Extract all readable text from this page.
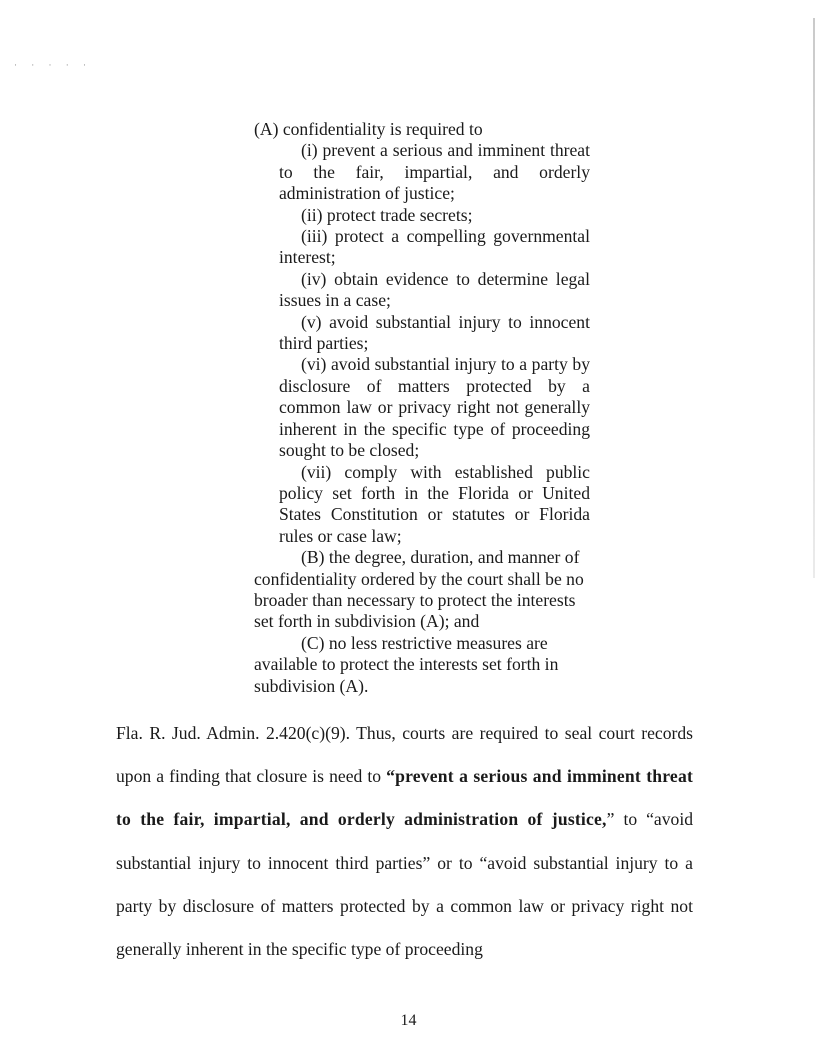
· · · · ·

(A) confidentiality is required to

(i) prevent a serious and imminent threat to the fair, impartial, and orderly administration of justice;

(ii) protect trade secrets;

(iii) protect a compelling governmental interest;

(iv) obtain evidence to determine legal issues in a case;

(v) avoid substantial injury to innocent third parties;

(vi) avoid substantial injury to a party by disclosure of matters protected by a common law or privacy right not generally inherent in the specific type of proceeding sought to be closed;

(vii) comply with established public policy set forth in the Florida or United States Constitution or statutes or Florida rules or case law;

(B) the degree, duration, and manner of confidentiality ordered by the court shall be no broader than necessary to protect the interests set forth in subdivision (A); and

(C) no less restrictive measures are available to protect the interests set forth in subdivision (A).

Fla. R. Jud. Admin. 2.420(c)(9). Thus, courts are required to seal court records upon a finding that closure is need to “prevent a serious and imminent threat to the fair, impartial, and orderly administration of justice,” to “avoid substantial injury to innocent third parties” or to “avoid substantial injury to a party by disclosure of matters protected by a common law or privacy right not generally inherent in the specific type of proceeding

14
